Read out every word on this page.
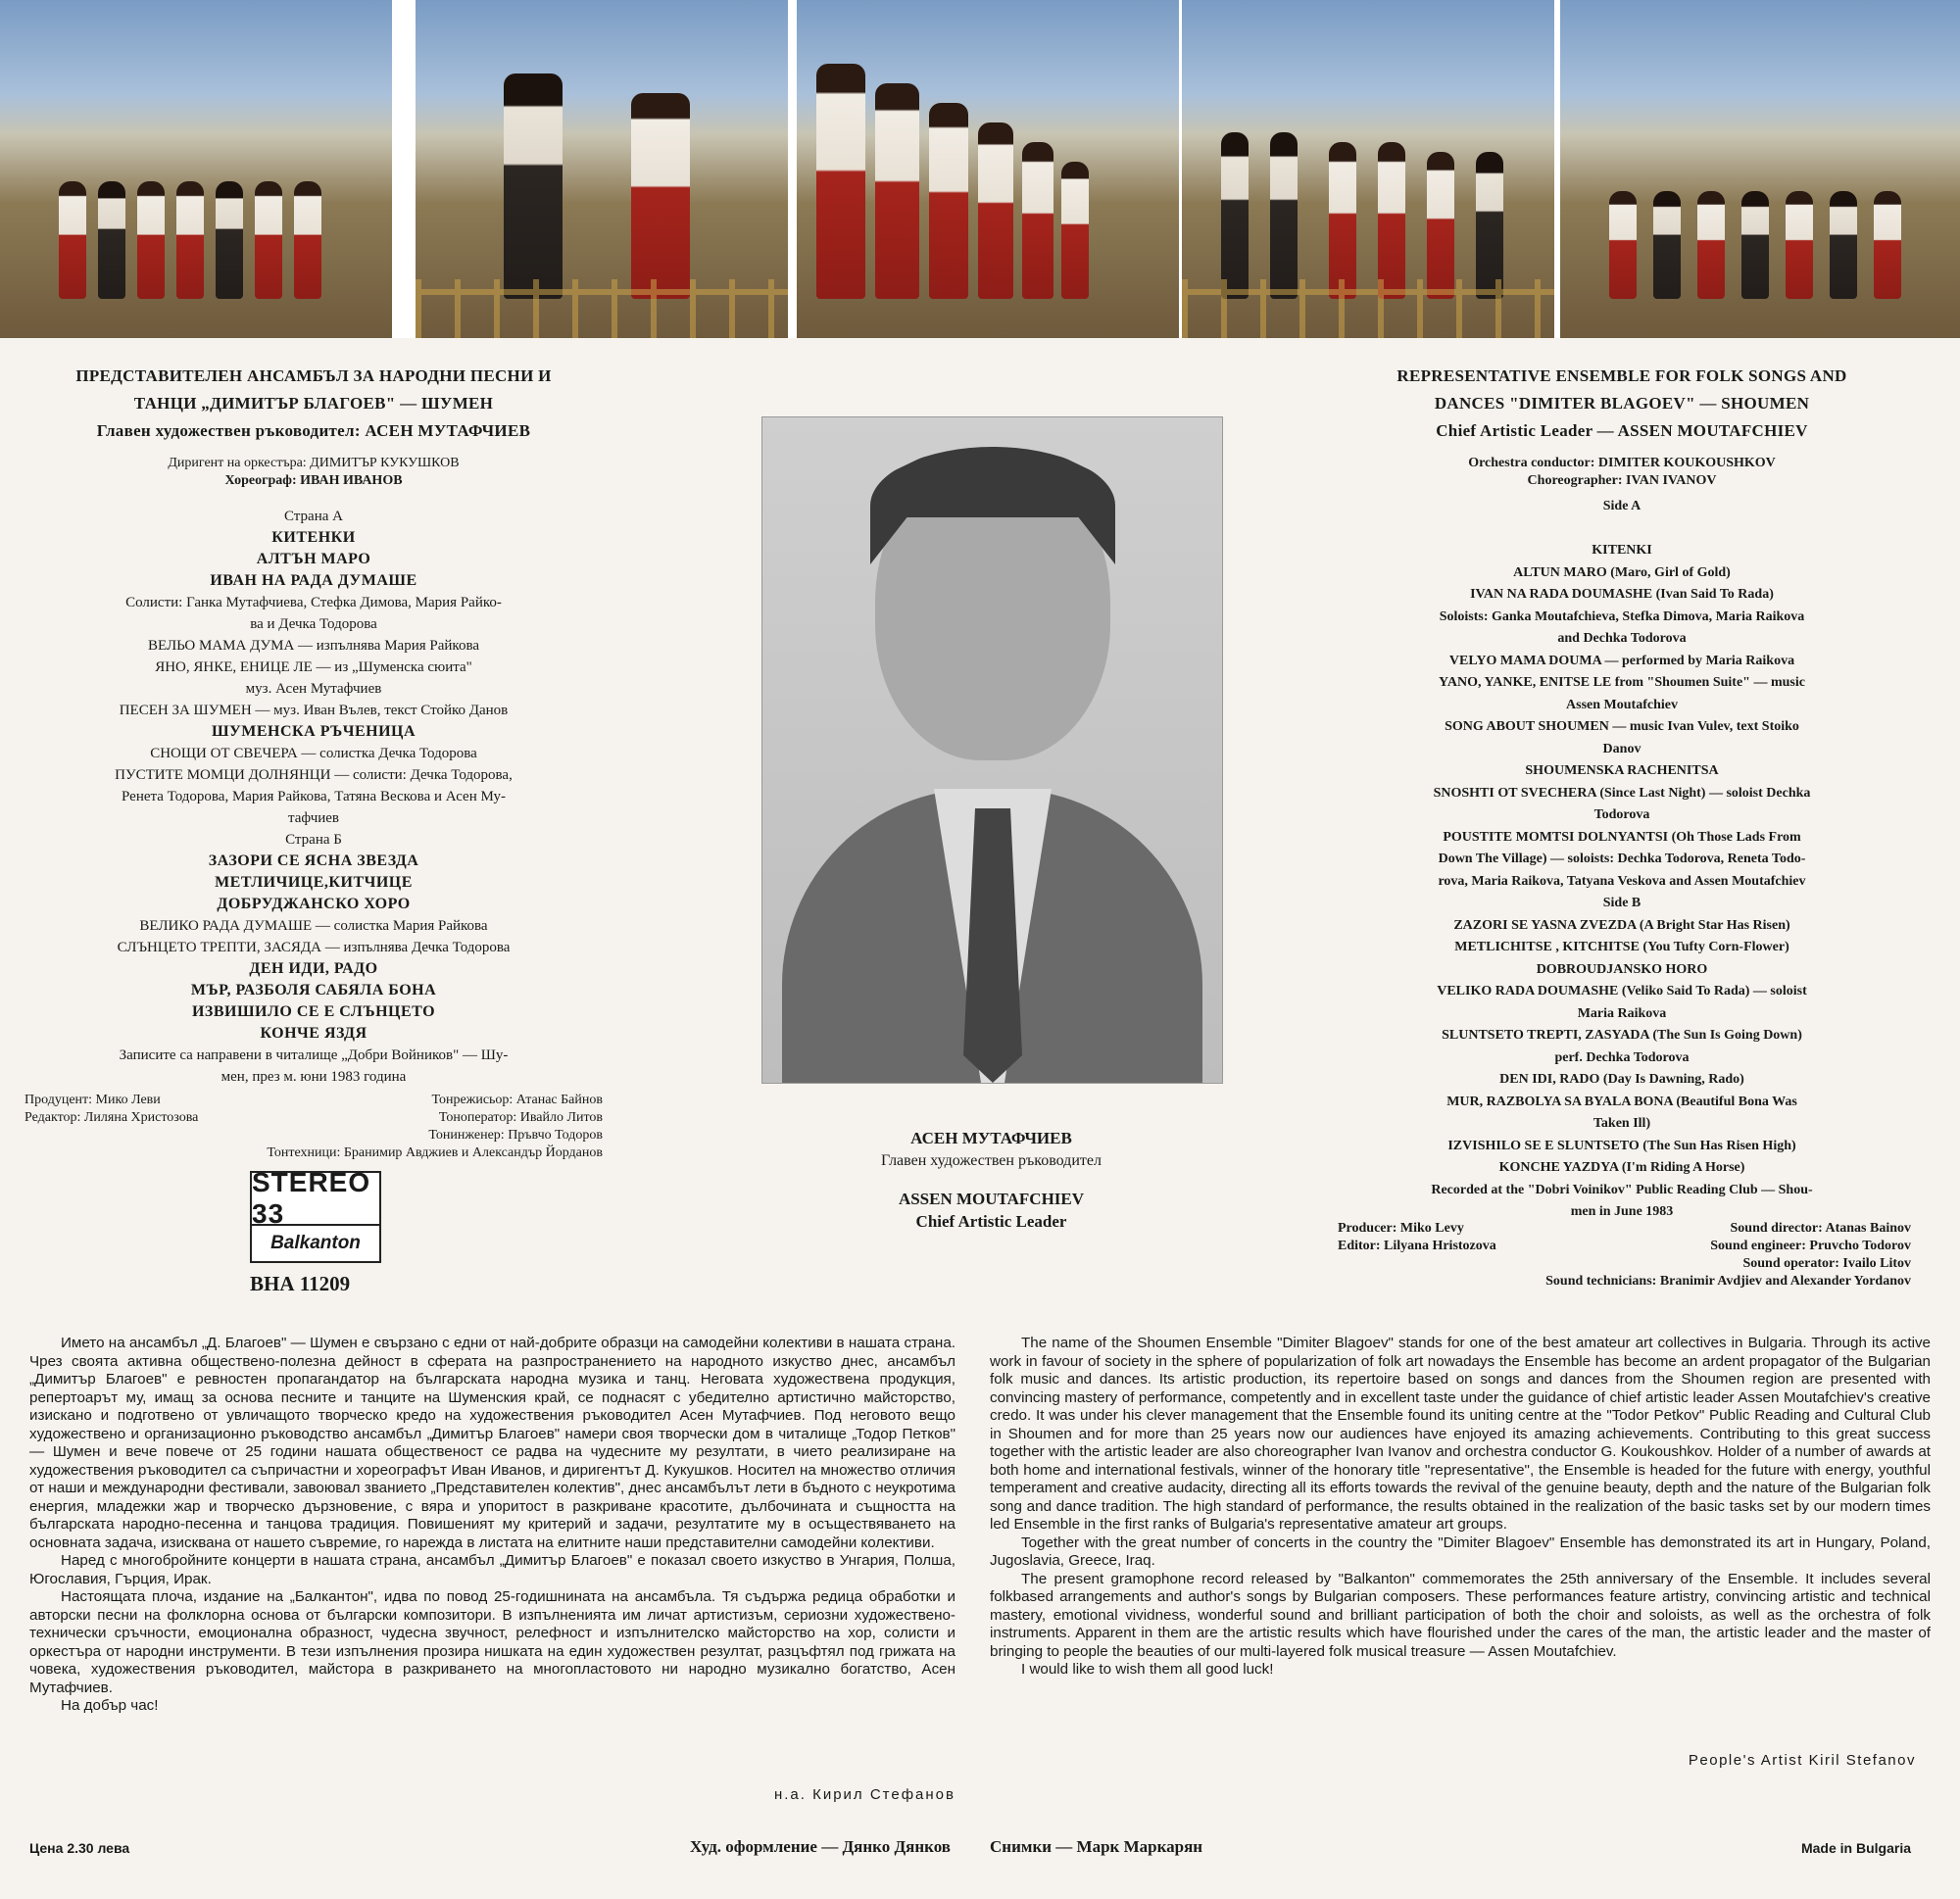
ПРЕДСТАВИТЕЛЕН АНСАМБЪЛ ЗА НАРОДНИ ПЕСНИ И
ТАНЦИ „ДИМИТЪР БЛАГОЕВ" — ШУМЕН
Главен художествен ръководител: АСЕН МУТАФЧИЕВ
Диригент на оркестъра: ДИМИТЪР КУКУШКОВ
Хореограф: ИВАН ИВАНОВ
Страна А
КИТЕНКИ
АЛТЪН МАРО
ИВАН НА РАДА ДУМАШЕ
Солисти: Ганка Мутафчиева, Стефка Димова, Мария Райко-
ва и Дечка Тодорова
ВЕЛЬО МАМА ДУМА — изпълнява Мария Райкова
ЯНО, ЯНКЕ, ЕНИЦЕ ЛЕ — из „Шуменска сюита"
муз. Асен Мутафчиев
ПЕСЕН ЗА ШУМЕН — муз. Иван Вълев, текст Стойко Данов
ШУМЕНСКА РЪЧЕНИЦА
СНОЩИ ОТ СВЕЧЕРА — солистка Дечка Тодорова
ПУСТИТЕ МОМЦИ ДОЛНЯНЦИ — солисти: Дечка Тодорова,
Ренета Тодорова, Мария Райкова, Татяна Вескова и Асен Му-
тафчиев
Страна Б
ЗАЗОРИ СЕ ЯСНА ЗВЕЗДА
МЕТЛИЧИЦЕ,КИТЧИЦЕ
ДОБРУДЖАНСКО ХОРО
ВЕЛИКО РАДА ДУМАШЕ — солистка Мария Райкова
СЛЪНЦЕТО ТРЕПТИ, ЗАСЯДА — изпълнява Дечка Тодорова
ДЕН ИДИ, РАДО
МЪР, РАЗБОЛЯ САБЯЛА БОНА
ИЗВИШИЛО СЕ Е СЛЪНЦЕТО
КОНЧЕ ЯЗДЯ
Записите са направени в читалище „Добри Войников" — Шу-
мен, през м. юни 1983 година
Продуцент: Мико Леви	Тонрежисьор: Атанас Байнов
Редактор: Лиляна Христозова	Тоноператор: Ивайло Литов
Тонинженер: Пръвчо Тодоров
Тонтехници: Бранимир Авджиев и Александър Йорданов
STEREO 33
Balkanton
ВНА 11209
АСЕН МУТАФЧИЕВ
Главен художествен ръководител
ASSEN MOUTAFCHIEV
Chief Artistic Leader
REPRESENTATIVE ENSEMBLE FOR FOLK SONGS AND
DANCES "DIMITER BLAGOEV" — SHOUMEN
Chief Artistic Leader — ASSEN MOUTAFCHIEV
Orchestra conductor: DIMITER KOUKOUSHKOV
Choreographer: IVAN IVANOV
Side A
KITENKI
ALTUN MARO (Maro, Girl of Gold)
IVAN NA RADA DOUMASHE (Ivan Said To Rada)
Soloists: Ganka Moutafchieva, Stefka Dimova, Maria Raikova
and Dechka Todorova
VELYO MAMA DOUMA — performed by Maria Raikova
YANO, YANKE, ENITSE LE from "Shoumen Suite" — music
Assen Moutafchiev
SONG ABOUT SHOUMEN — music Ivan Vulev, text Stoiko
Danov
SHOUMENSKA RACHENITSA
SNOSHTI OT SVECHERA (Since Last Night) — soloist Dechka
Todorova
POUSTITE MOMTSI DOLNYANTSI (Oh Those Lads From
Down The Village) — soloists: Dechka Todorova, Reneta Todo-
rova, Maria Raikova, Tatyana Veskova and Assen Moutafchiev
Side B
ZAZORI SE YASNA ZVEZDA (A Bright Star Has Risen)
METLICHITSE , KITCHITSE (You Tufty Corn-Flower)
DOBROUDJANSKO HORO
VELIKO RADA DOUMASHE (Veliko Said To Rada) — soloist
Maria Raikova
SLUNTSETO TREPTI, ZASYADA (The Sun Is Going Down)
perf. Dechka Todorova
DEN IDI, RADO (Day Is Dawning, Rado)
MUR, RAZBOLYA SA BYALA BONA (Beautiful Bona Was
Taken Ill)
IZVISHILO SE E SLUNTSETO (The Sun Has Risen High)
KONCHE YAZDYA (I'm Riding A Horse)
Recorded at the "Dobri Voinikov" Public Reading Club — Shou-
men in June 1983
Producer: Miko Levy	Sound director: Atanas Bainov
Editor: Lilyana Hristozova	Sound engineer: Pruvcho Todorov
Sound operator: Ivailo Litov
Sound technicians: Branimir Avdjiev and Alexander Yordanov

Името на ансамбъл „Д. Благоев" — Шумен е свързано с едни от най-добрите образци на самодейни колективи в нашата страна. Чрез своята активна обществено-полезна дейност в сферата на разпространението на народното изкуство днес, ансамбъл „Димитър Благоев" е ревностен пропагандатор на българската народна музика и танц. Неговата художествена продукция, репертоарът му, имащ за основа песните и танците на Шуменския край, се поднасят с убедително артистично майсторство, изискано и подготвено от увличащото творческо кредо на художествения ръководител Асен Мутафчиев. Под неговото вещо художествено и организационно ръководство ансамбъл „Димитър Благоев" намери своя творчески дом в читалище „Тодор Петков" — Шумен и вече повече от 25 години нашата общественост се радва на чудесните му резултати, в чието реализиране на художествения ръководител са съпричастни и хореографът Иван Иванов, и диригентът Д. Кукушков. Носител на множество отличия от наши и международни фестивали, завоювал званието „Представителен колектив", днес ансамбълът лети в бъдното с неукротима енергия, младежки жар и творческо дързновение, с вяра и упоритост в разкриване красотите, дълбочината и същността на българската народно-песенна и танцова традиция. Повишеният му критерий и задачи, резултатите му в осъществяването на основната задача, изисквана от нашето съвремие, го нарежда в листата на елитните наши представителни самодейни колективи.

Наред с многобройните концерти в нашата страна, ансамбъл „Димитър Благоев" е показал своето изкуство в Унгария, Полша, Югославия, Гърция, Ирак.

Настоящата плоча, издание на „Балкантон", идва по повод 25-годишнината на ансамбъла. Тя съдържа редица обработки и авторски песни на фолклорна основа от български композитори. В изпълненията им личат артистизъм, сериозни художествено-технически сръчности, емоционална образност, чудесна звучност, релефност и изпълнителско майсторство на хор, солисти и оркестъра от народни инструменти. В тези изпълнения прозира нишката на един художествен резултат, разцъфтял под грижата на човека, художествения ръководител, майстора в разкриването на многопластовото ни народно музикално богатство, Асен Мутафчиев.

На добър час!

н.а. Кирил Стефанов

The name of the Shoumen Ensemble "Dimiter Blagoev" stands for one of the best amateur art collectives in Bulgaria. Through its active work in favour of society in the sphere of popularization of folk art nowadays the Ensemble has become an ardent propagator of the Bulgarian folk music and dances. Its artistic production, its repertoire based on songs and dances from the Shoumen region are presented with convincing mastery of performance, competently and in excellent taste under the guidance of chief artistic leader Assen Moutafchiev's creative credo. It was under his clever management that the Ensemble found its uniting centre at the "Todor Petkov" Public Reading and Cultural Club in Shoumen and for more than 25 years now our audiences have enjoyed its amazing achievements. Contributing to this great success together with the artistic leader are also choreographer Ivan Ivanov and orchestra conductor G. Koukoushkov. Holder of a number of awards at both home and international festivals, winner of the honorary title "representative", the Ensemble is headed for the future with energy, youthful temperament and creative audacity, directing all its efforts towards the revival of the genuine beauty, depth and the nature of the Bulgarian folk song and dance tradition. The high standard of performance, the results obtained in the realization of the basic tasks set by our modern times led Ensemble in the first ranks of Bulgaria's representative amateur art groups.

Together with the great number of concerts in the country the "Dimiter Blagoev" Ensemble has demonstrated its art in Hungary, Poland, Jugoslavia, Greece, Iraq.

The present gramophone record released by "Balkanton" commemorates the 25th anniversary of the Ensemble. It includes several folkbased arrangements and author's songs by Bulgarian composers. These performances feature artistry, convincing artistic and technical mastery, emotional vividness, wonderful sound and brilliant participation of both the choir and soloists, as well as the orchestra of folk instruments. Apparent in them are the artistic results which have flourished under the cares of the man, the artistic leader and the master of bringing to people the beauties of our multi-layered folk musical treasure — Assen Moutafchiev.

I would like to wish them all good luck!

People's Artist Kiril Stefanov
Цена 2.30 лева	Худ. оформление — Дянко Дянков Снимки — Марк Маркарян	Made in Bulgaria
